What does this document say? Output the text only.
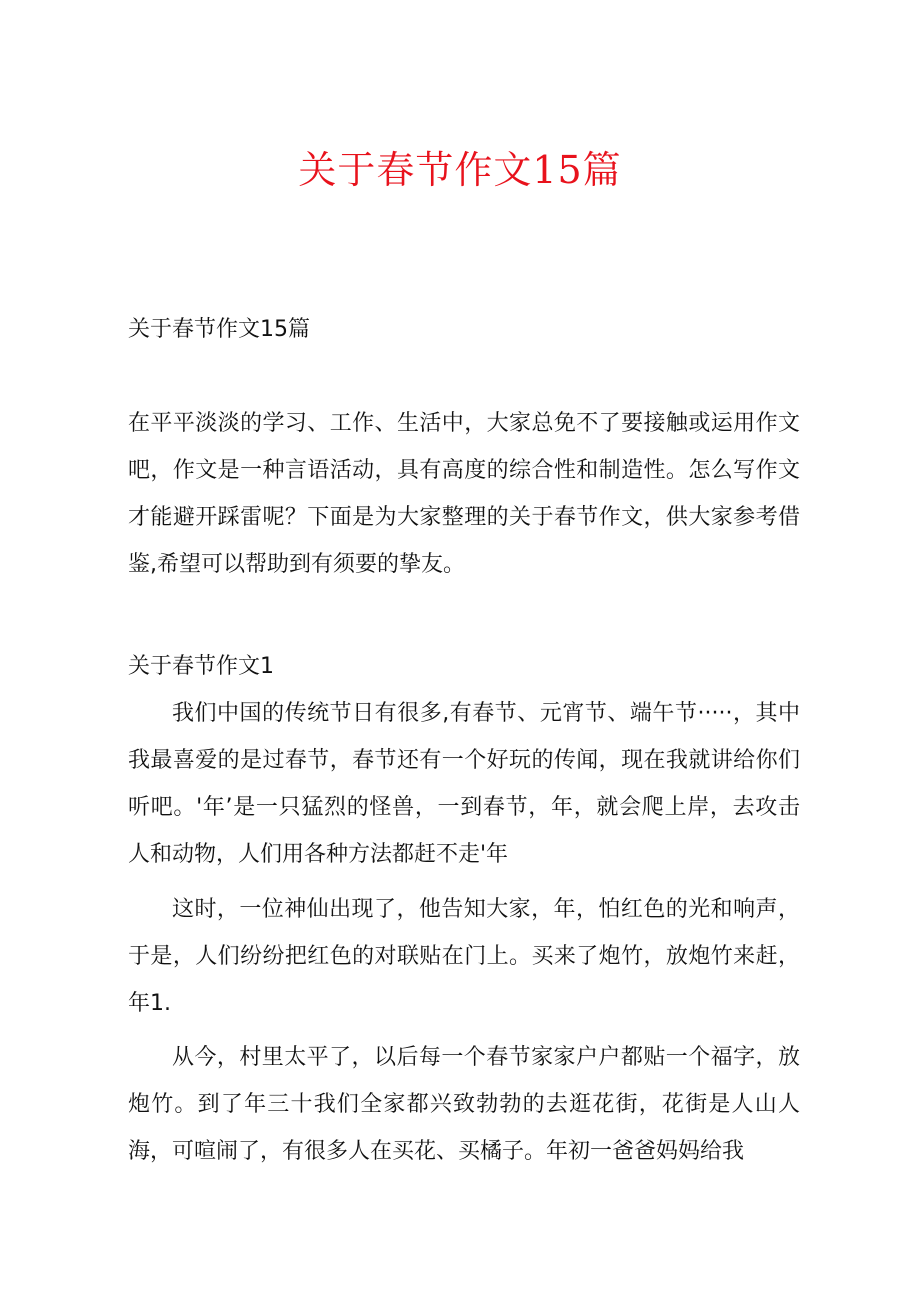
关于春节作文15篇

关于春节作文15篇

在平平淡淡的学习、工作、生活中，大家总免不了要接触或运用作文吧，作文是一种言语活动，具有高度的综合性和制造性。怎么写作文才能避开踩雷呢？下面是为大家整理的关于春节作文，供大家参考借鉴,希望可以帮助到有须要的挚友。

关于春节作文1

我们中国的传统节日有很多,有春节、元宵节、端午节·····，其中我最喜爱的是过春节，春节还有一个好玩的传闻，现在我就讲给你们听吧。'年’是一只猛烈的怪兽，一到春节，年，就会爬上岸，去攻击人和动物，人们用各种方法都赶不走'年

这时，一位神仙出现了，他告知大家，年，怕红色的光和响声，于是，人们纷纷把红色的对联贴在门上。买来了炮竹，放炮竹来赶，年1.

从今，村里太平了，以后每一个春节家家户户都贴一个福字，放炮竹。到了年三十我们全家都兴致勃勃的去逛花街，花街是人山人海，可喧闹了，有很多人在买花、买橘子。年初一爸爸妈妈给我
